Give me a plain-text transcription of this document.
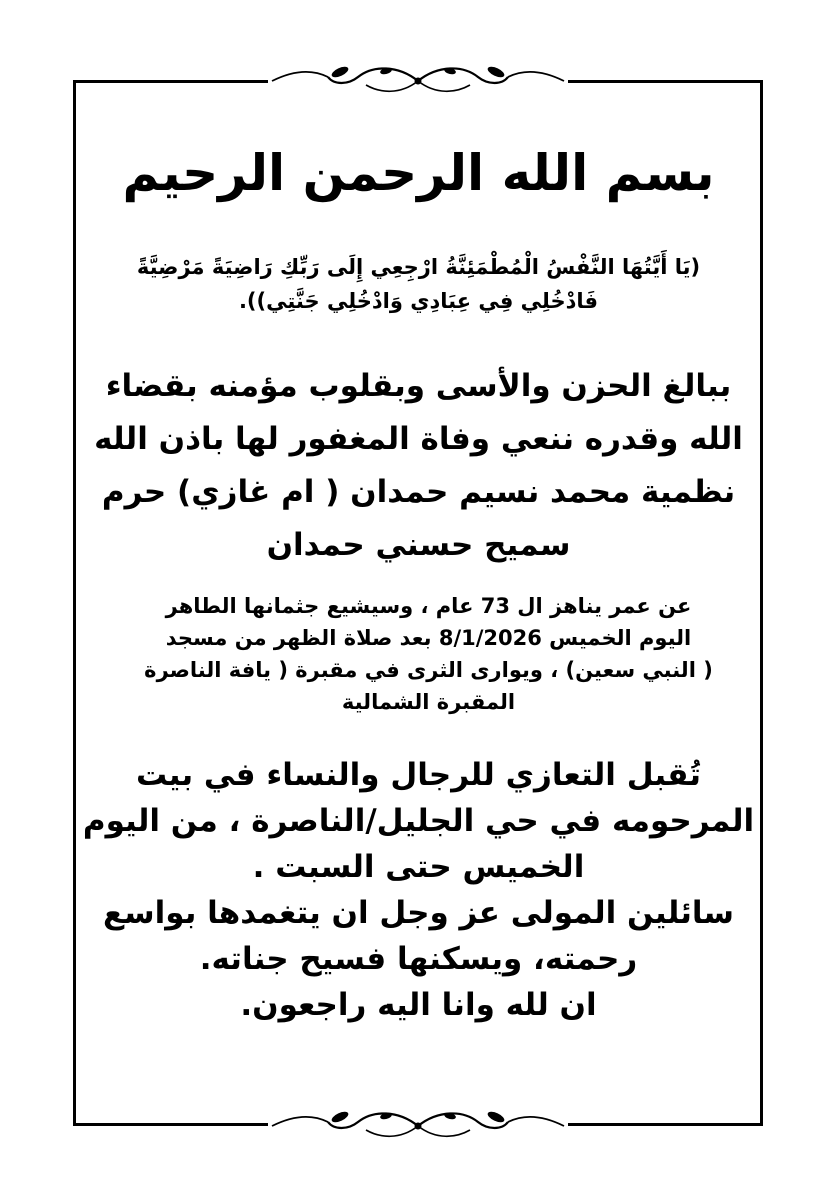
بسم الله الرحمن الرحيم
(يَا أَيَّتُهَا النَّفْسُ الْمُطْمَئِنَّةُ ارْجِعِي إِلَى رَبِّكِ رَاضِيَةً مَرْضِيَّةً
فَادْخُلِي فِي عِبَادِي وَادْخُلِي جَنَّتِي)).
ببالغ الحزن والأسى وبقلوب مؤمنه بقضاء
الله وقدره ننعي وفاة المغفور لها باذن الله
نظمية محمد نسيم حمدان ( ام غازي) حرم
سميح حسني حمدان
عن عمر يناهز ال 73 عام ، وسيشيع جثمانها الطاهر
اليوم الخميس 8/1/2026 بعد صلاة الظهر من مسجد
( النبي سعين) ، ويوارى الثرى في مقبرة ( يافة الناصرة
المقبرة الشمالية
تُقبل التعازي للرجال والنساء في بيت
المرحومه في حي الجليل/الناصرة ، من اليوم
الخميس حتى السبت .
سائلين المولى عز وجل ان يتغمدها بواسع
رحمته، ويسكنها فسيح جناته.
ان لله وانا اليه راجعون.
